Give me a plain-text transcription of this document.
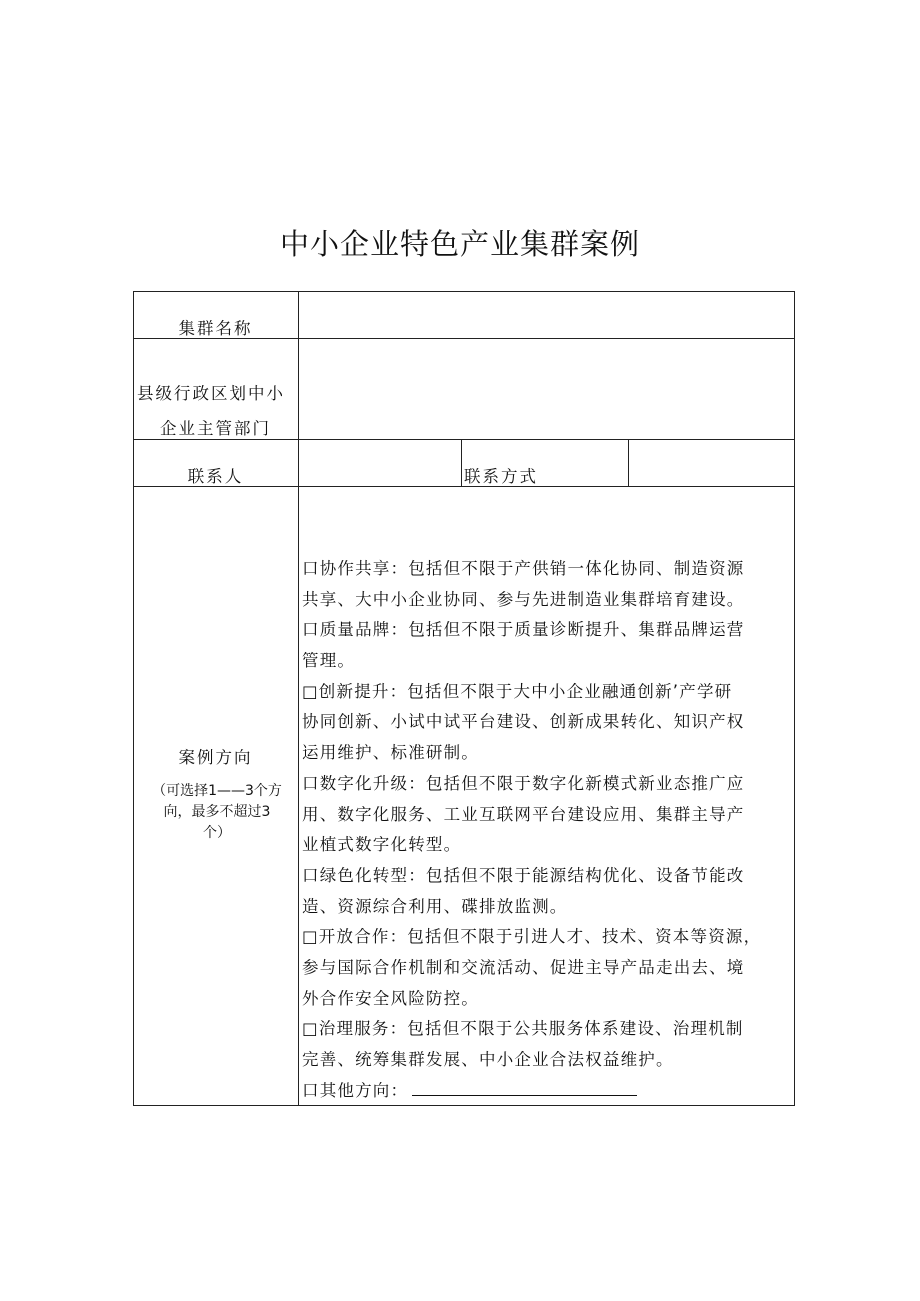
中小企业特色产业集群案例
集群名称
县级行政区划中小
企业主管部门
联系人	联系方式
案例方向
（可选择1——3个方
向，最多不超过3
个）
口协作共享：包括但不限于产供销一体化协同、制造资源
共享、大中小企业协同、参与先进制造业集群培育建设。
口质量品牌：包括但不限于质量诊断提升、集群品牌运营
管理。
□创新提升：包括但不限于大中小企业融通创新’产学研
协同创新、小试中试平台建设、创新成果转化、知识产权
运用维护、标准研制。
口数字化升级：包括但不限于数字化新模式新业态推广应
用、数字化服务、工业互联网平台建设应用、集群主导产
业植式数字化转型。
口绿色化转型：包括但不限于能源结构优化、设备节能改
造、资源综合利用、碟排放监测。
□开放合作：包括但不限于引进人才、技术、资本等资源，
参与国际合作机制和交流活动、促进主导产品走出去、境
外合作安全风险防控。
□治理服务：包括但不限于公共服务体系建设、治理机制
完善、统筹集群发展、中小企业合法权益维护。
口其他方向：
